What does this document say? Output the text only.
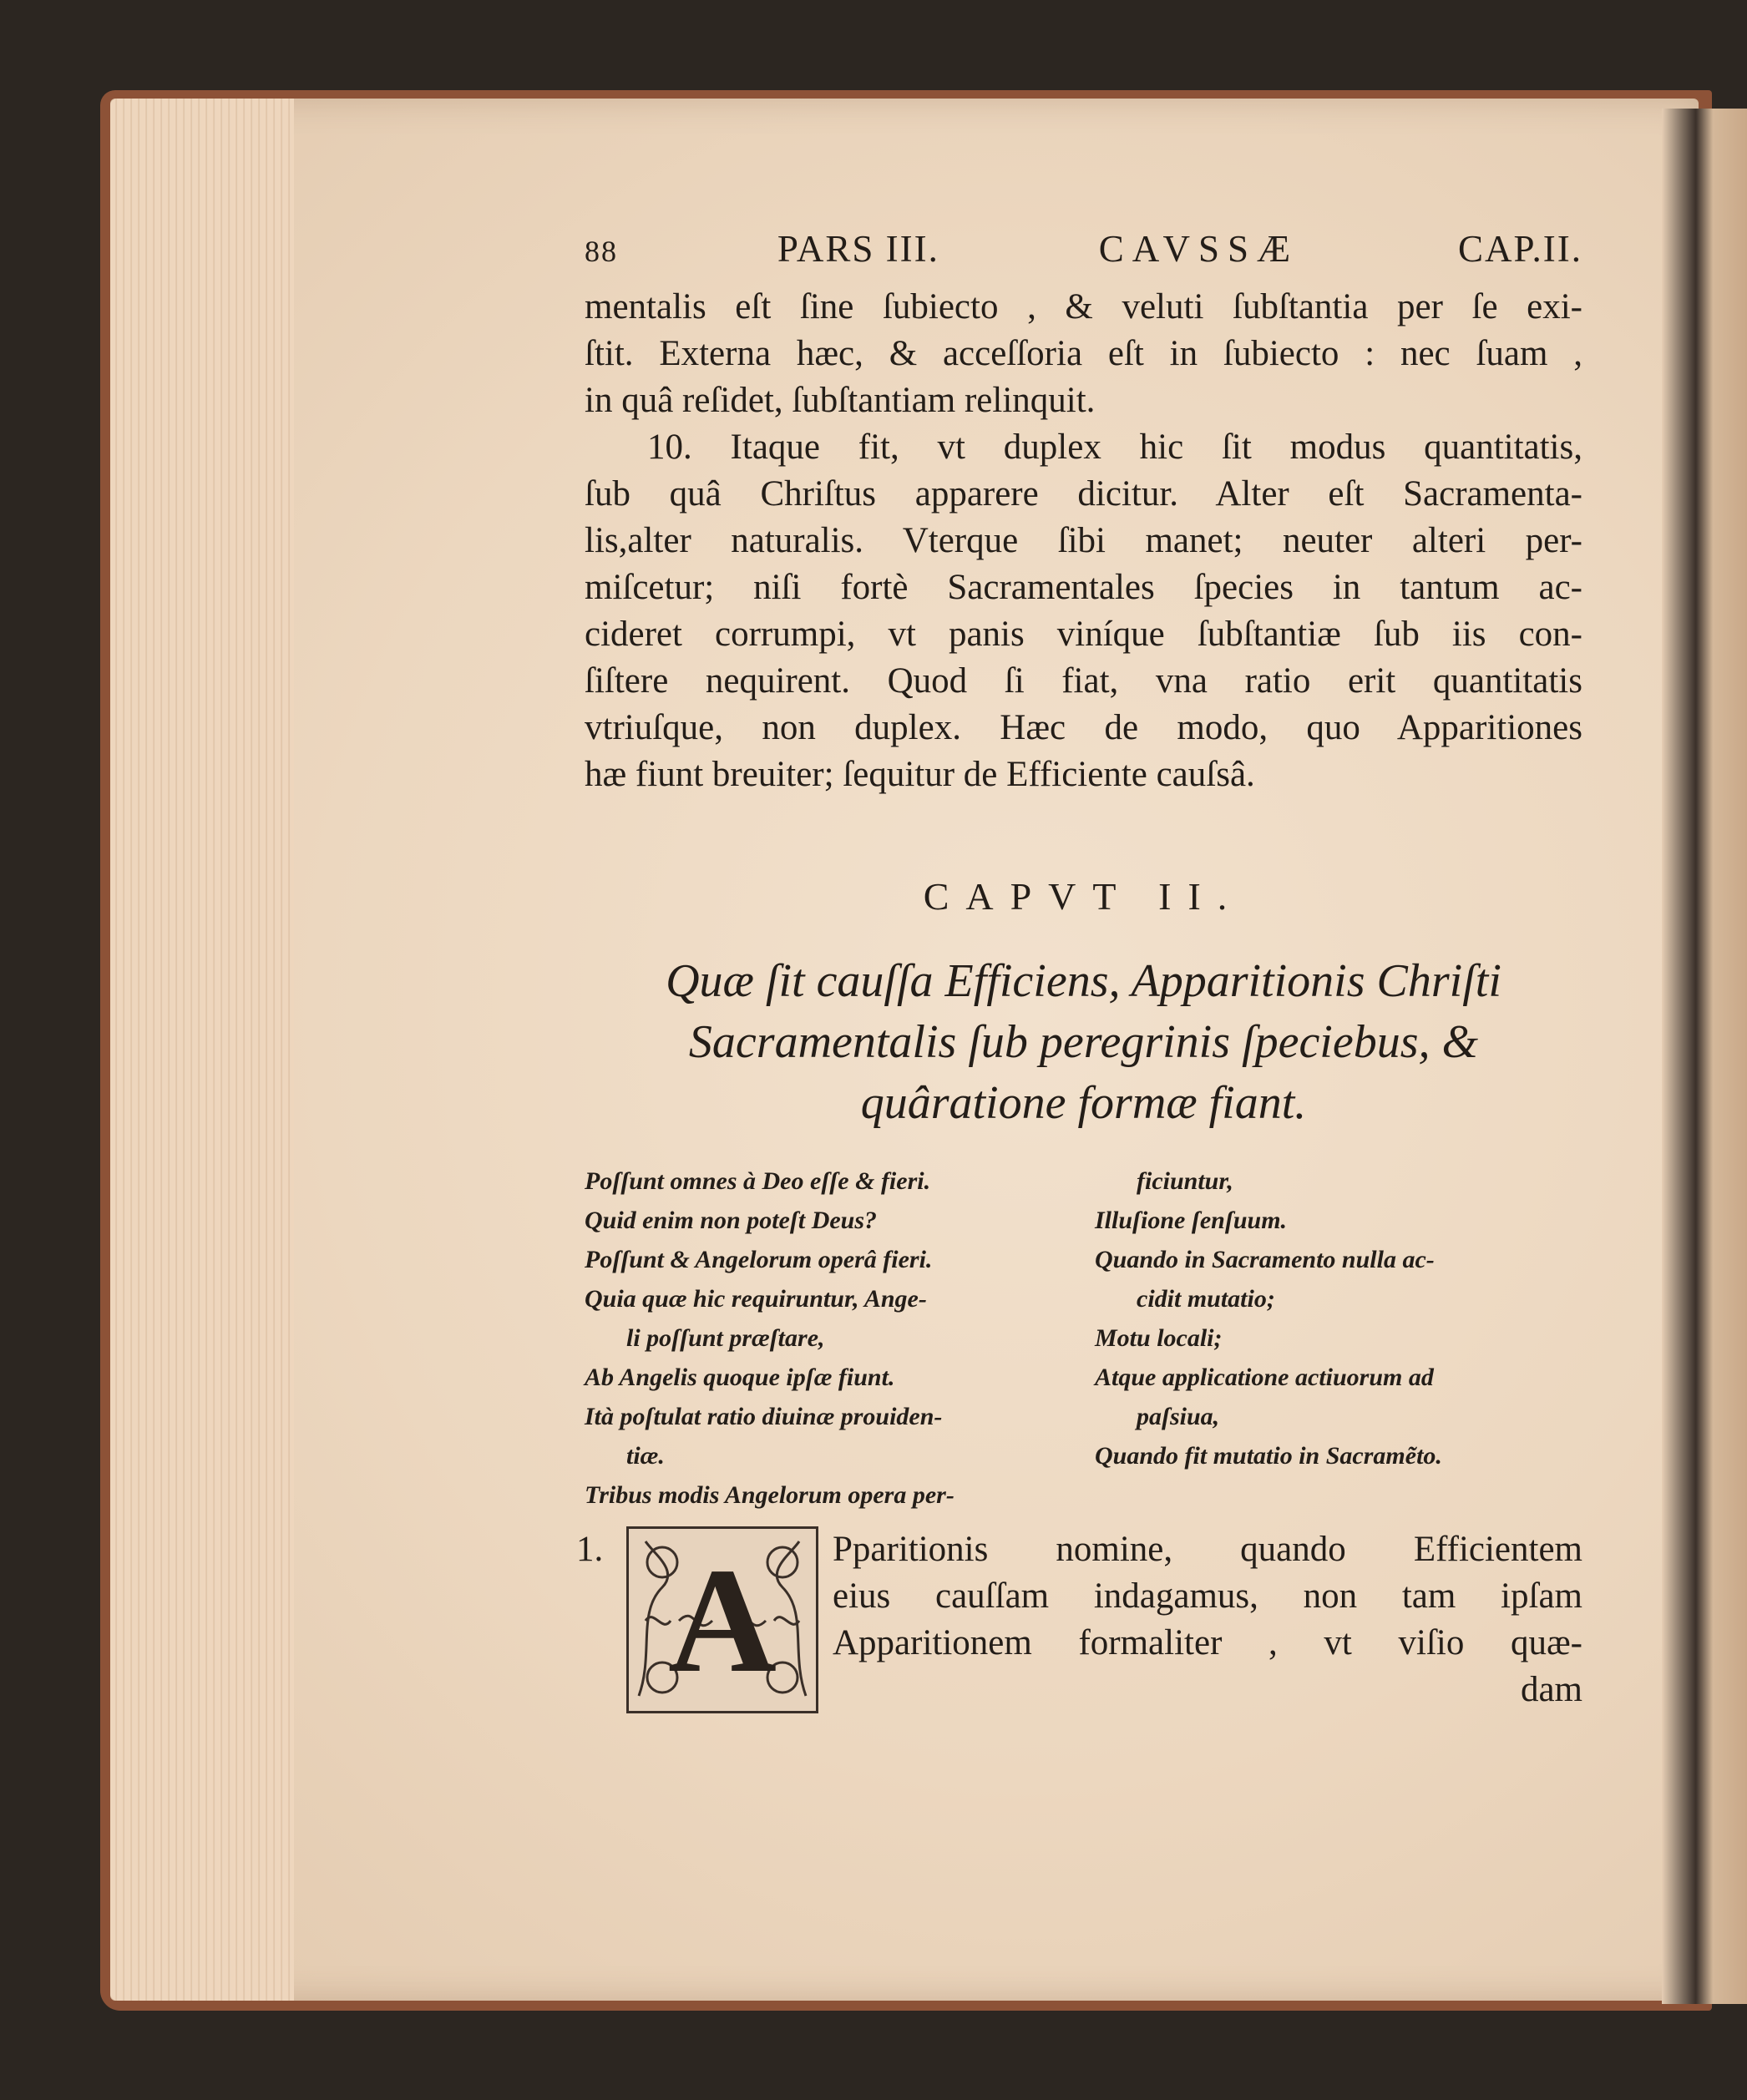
88	PARS III.	CAVSSÆ	CAP.II.
mentalis eſt ſine ſubiecto , & veluti ſubſtantia per ſe exi-
ſtit. Externa hæc, & acceſſoria eſt in ſubiecto : nec ſuam ,
in quâ reſidet, ſubſtantiam relinquit.
10. Itaque fit, vt duplex hic ſit modus quantitatis,
ſub quâ Chriſtus apparere dicitur. Alter eſt Sacramenta-
lis,alter naturalis. Vterque ſibi manet; neuter alteri per-
miſcetur; niſi fortè Sacramentales ſpecies in tantum ac-
cideret corrumpi, vt panis viníque ſubſtantiæ ſub iis con-
ſiſtere nequirent. Quod ſi fiat, vna ratio erit quantitatis
vtriuſque, non duplex. Hæc de modo, quo Apparitiones
hæ fiunt breuiter; ſequitur de Efficiente cauſsâ.
CAPVT II.
Quæ ſit cauſſa Efficiens, Apparitionis Chriſti
Sacramentalis ſub peregrinis ſpeciebus, &
quâratione formæ fiant.
Poſſunt omnes à Deo eſſe & fieri.
Quid enim non poteſt Deus?
Poſſunt & Angelorum operâ fieri.
Quia quæ hic requiruntur, Ange-
li poſſunt præſtare,
Ab Angelis quoque ipſæ fiunt.
Ità poſtulat ratio diuinæ prouiden-
tiæ.
Tribus modis Angelorum opera per-
ficiuntur,
Illuſione ſenſuum.
Quando in Sacramento nulla ac-
cidit mutatio;
Motu locali;
Atque applicatione actiuorum ad
paſsiua,
Quando fit mutatio in Sacramẽto.
1. A	Pparitionis nomine, quando Efficientem
eius cauſſam indagamus, non tam ipſam
Apparitionem formaliter , vt viſio quæ-
dam
